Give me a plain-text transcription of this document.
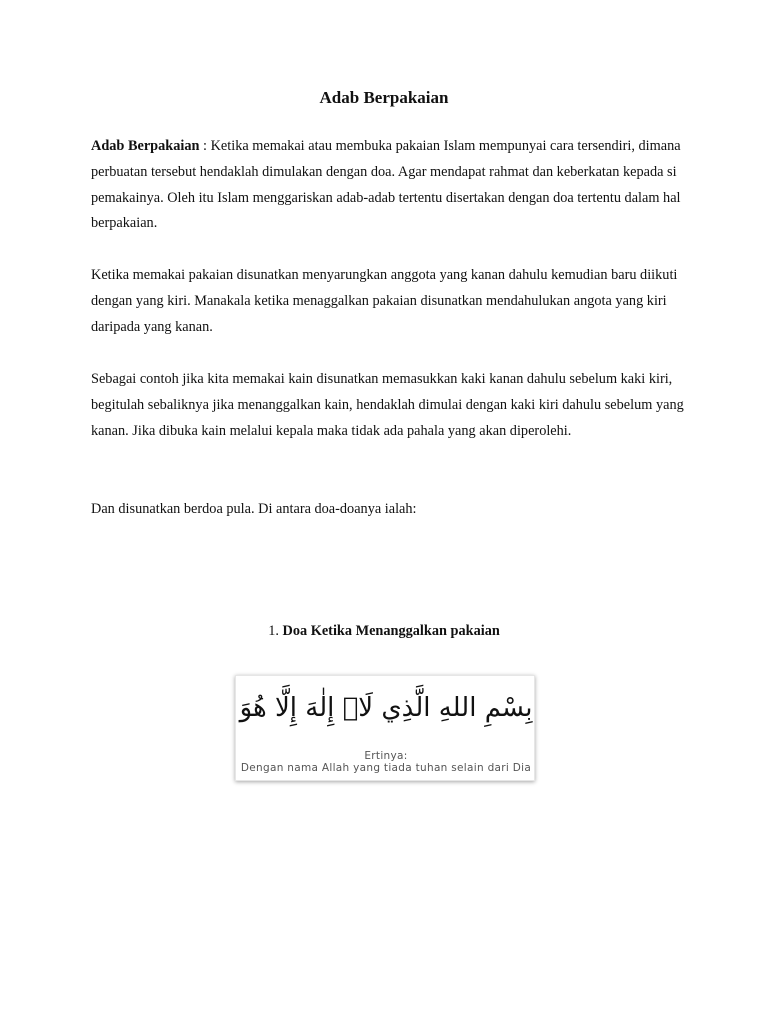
Adab Berpakaian

Adab Berpakaian : Ketika memakai atau membuka pakaian Islam mempunyai cara tersendiri, dimana perbuatan tersebut hendaklah dimulakan dengan doa. Agar mendapat rahmat dan keberkatan kepada si pemakainya. Oleh itu Islam menggariskan adab-adab tertentu disertakan dengan doa tertentu dalam hal berpakaian.

Ketika memakai pakaian disunatkan menyarungkan anggota yang kanan dahulu kemudian baru diikuti dengan yang kiri. Manakala ketika menaggalkan pakaian disunatkan mendahulukan angota yang kiri daripada yang kanan.

Sebagai contoh jika kita memakai kain disunatkan memasukkan kaki kanan dahulu sebelum kaki kiri, begitulah sebaliknya jika menanggalkan kain, hendaklah dimulai dengan kaki kiri dahulu sebelum yang kanan. Jika dibuka kain melalui kepala maka tidak ada pahala yang akan diperolehi.

Dan disunatkan berdoa pula. Di antara doa-doanya ialah:

1. Doa Ketika Menanggalkan pakaian

بِسْمِ اللهِ الَّذِي لَاۤ إِلٰهَ إِلَّا هُوَ
Ertinya:
Dengan nama Allah yang tiada tuhan selain dari Dia
